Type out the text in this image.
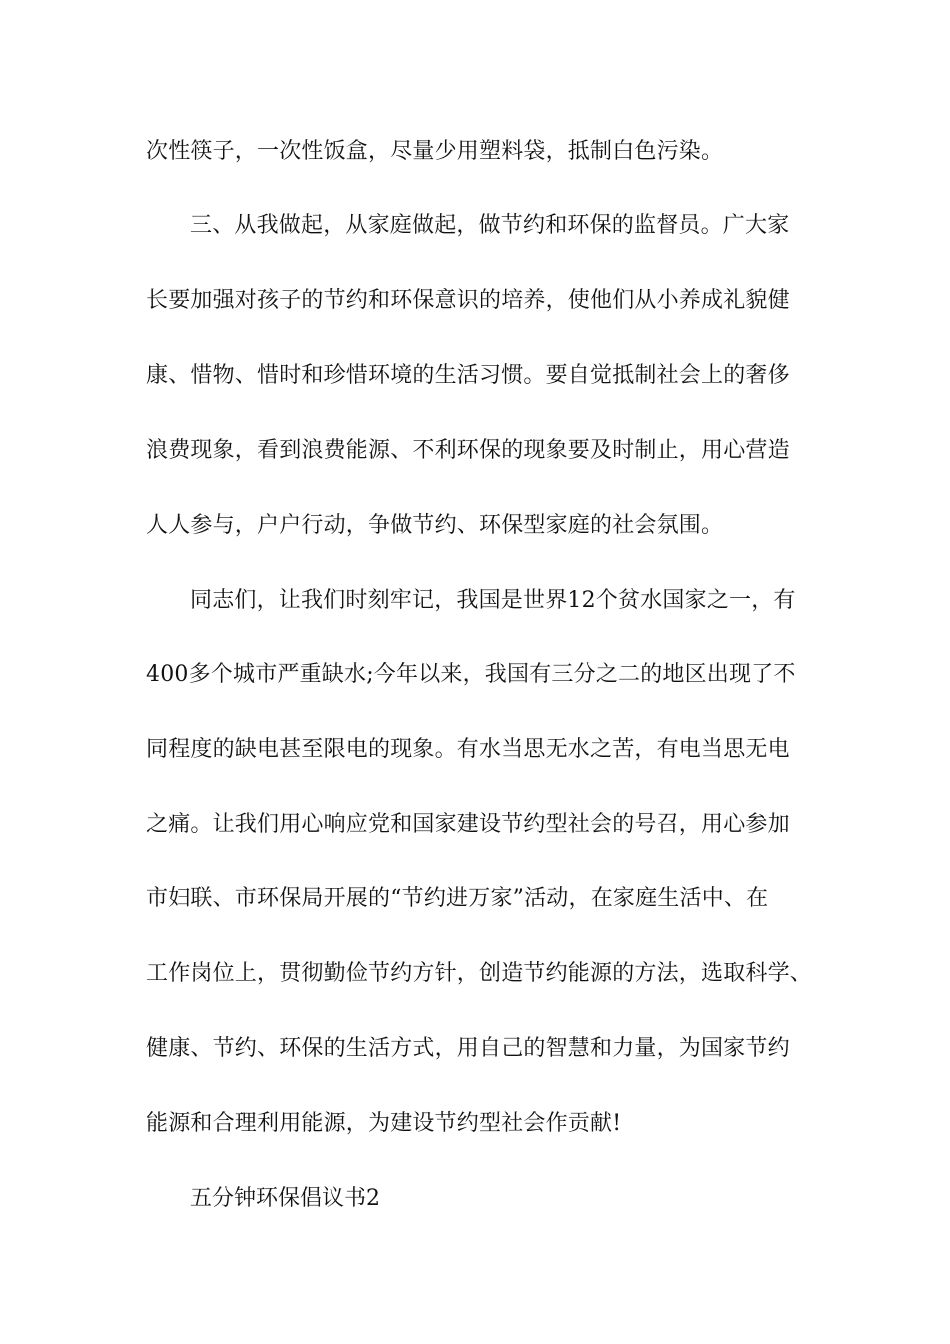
次性筷子，一次性饭盒，尽量少用塑料袋，抵制白色污染。
三、从我做起，从家庭做起，做节约和环保的监督员。广大家
长要加强对孩子的节约和环保意识的培养，使他们从小养成礼貌健
康、惜物、惜时和珍惜环境的生活习惯。要自觉抵制社会上的奢侈
浪费现象，看到浪费能源、不利环保的现象要及时制止，用心营造
人人参与，户户行动，争做节约、环保型家庭的社会氛围。
同志们，让我们时刻牢记，我国是世界12个贫水国家之一，有
400多个城市严重缺水;今年以来，我国有三分之二的地区出现了不
同程度的缺电甚至限电的现象。有水当思无水之苦，有电当思无电
之痛。让我们用心响应党和国家建设节约型社会的号召，用心参加
市妇联、市环保局开展的“节约进万家”活动，在家庭生活中、在
工作岗位上，贯彻勤俭节约方针，创造节约能源的方法，选取科学、
健康、节约、环保的生活方式，用自己的智慧和力量，为国家节约
能源和合理利用能源，为建设节约型社会作贡献!
五分钟环保倡议书2
